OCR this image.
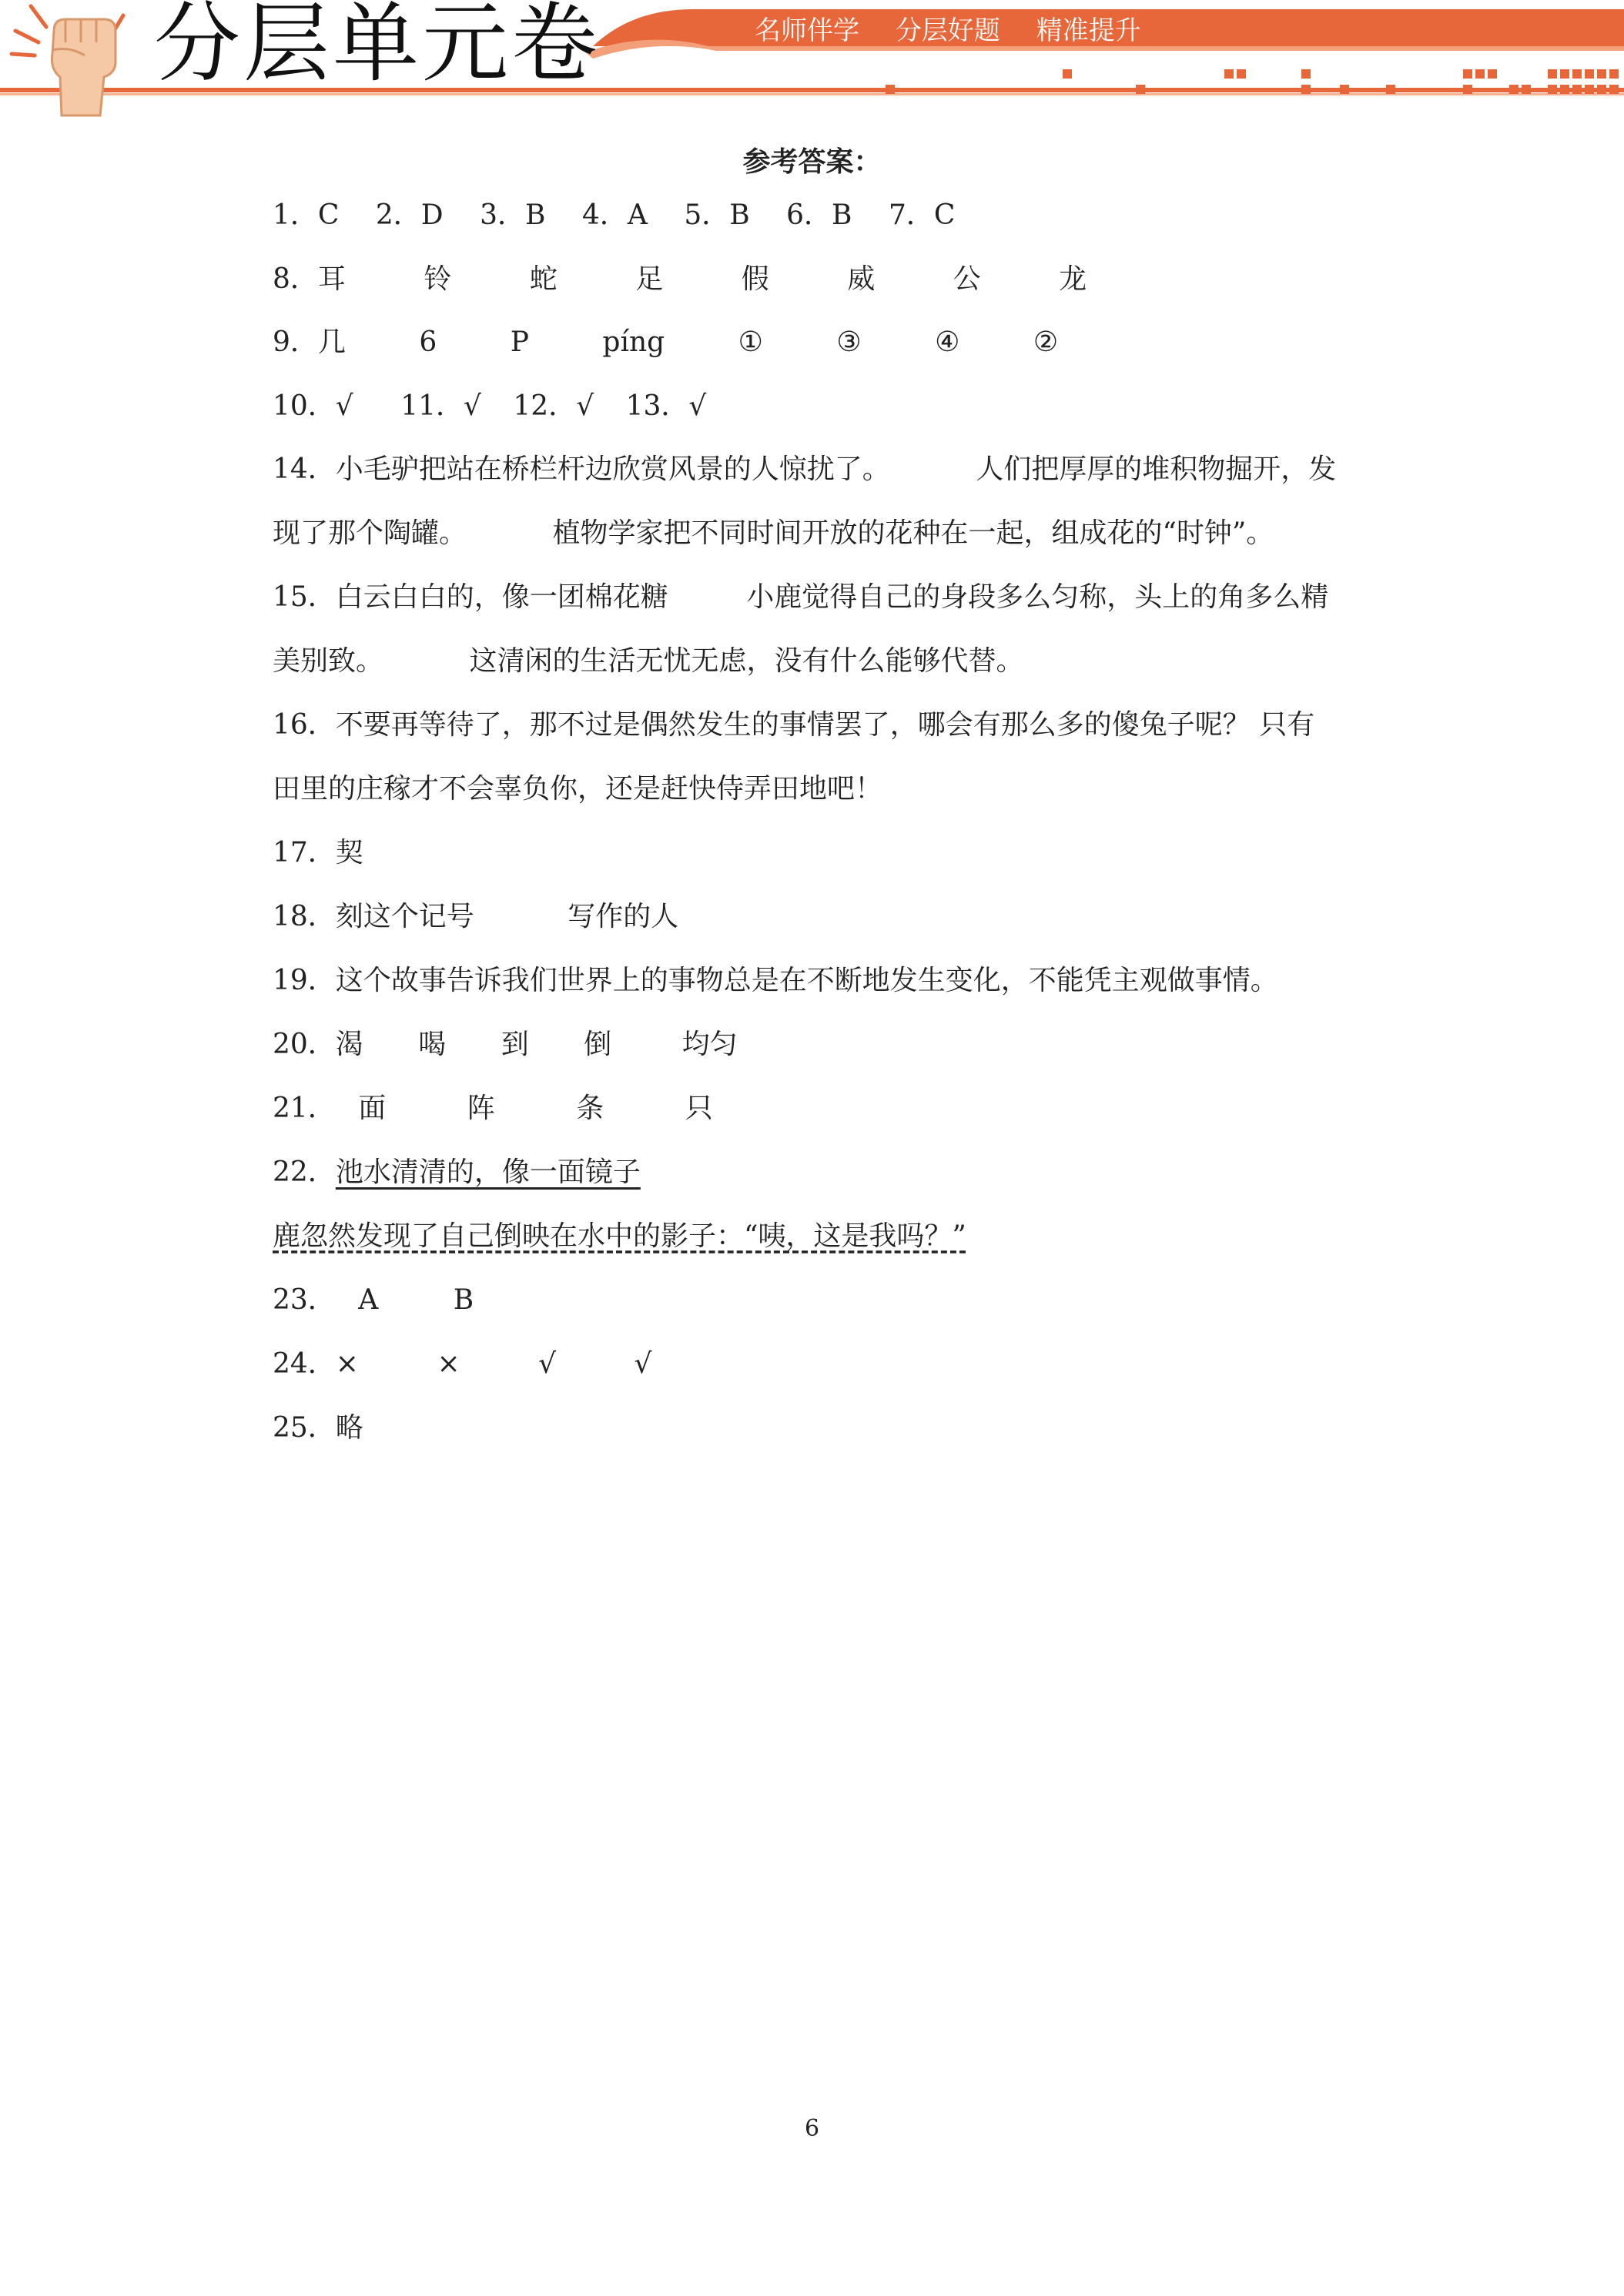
分层单元卷	名师伴学 分层好题 精准提升
参考答案：
1．C 2．D 3．B 4．A 5．B 6．B 7．C
8．耳	铃	蛇	足	假	威	公	龙
9．几	6	P	píng	①	③	④	②
10．√ 11．√ 12．√ 13．√
14．小毛驴把站在桥栏杆边欣赏风景的人惊扰了。	人们把厚厚的堆积物掘开，发
现了那个陶罐。	植物学家把不同时间开放的花种在一起，组成花的“时钟”。
15．白云白白的，像一团棉花糖	小鹿觉得自己的身段多么匀称，头上的角多么精
美别致。	这清闲的生活无忧无虑，没有什么能够代替。
16．不要再等待了，那不过是偶然发生的事情罢了，哪会有那么多的傻兔子呢？ 只有
田里的庄稼才不会辜负你，还是赶快侍弄田地吧！
17．契
18．刻这个记号	写作的人
19．这个故事告诉我们世界上的事物总是在不断地发生变化，不能凭主观做事情。
20．渴 喝 到 倒	均匀
21． 面	阵	条	只
22．池水清清的，像一面镜子
鹿忽然发现了自己倒映在水中的影子：“咦，这是我吗？”
23． A	B
24．×	×	√	√
25．略
6
